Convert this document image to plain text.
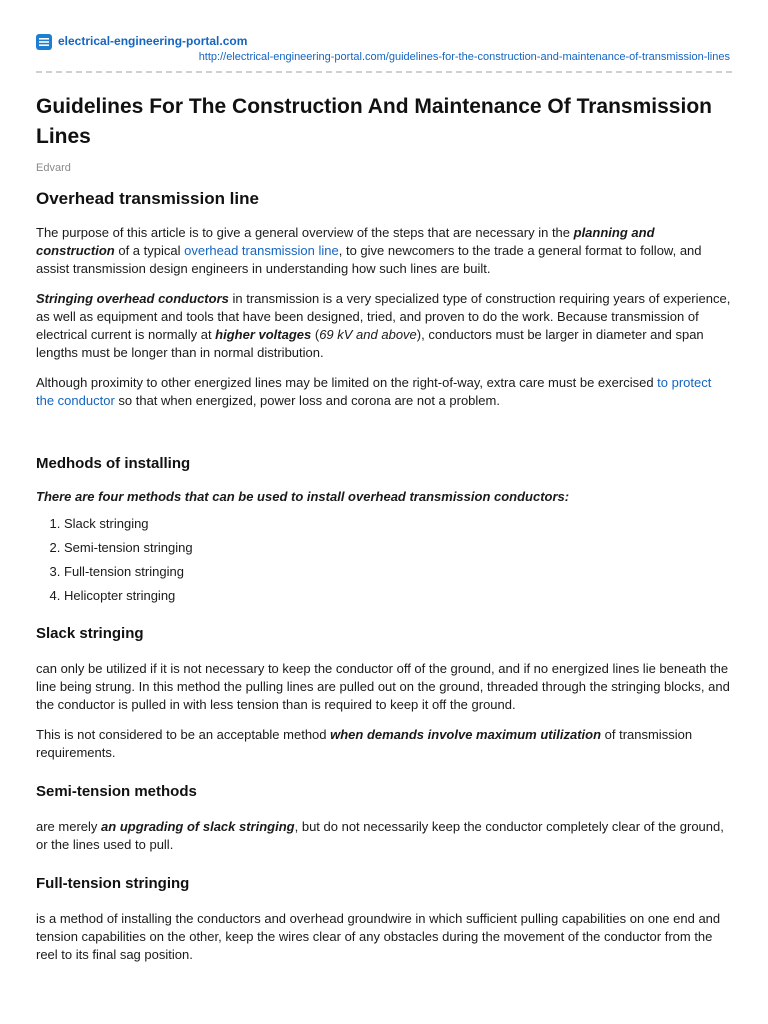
electrical-engineering-portal.com
http://electrical-engineering-portal.com/guidelines-for-the-construction-and-maintenance-of-transmission-lines
Guidelines For The Construction And Maintenance Of Transmission Lines
Edvard
Overhead transmission line

The purpose of this article is to give a general overview of the steps that are necessary in the planning and construction of a typical overhead transmission line, to give newcomers to the trade a general format to follow, and assist transmission design engineers in understanding how such lines are built.

Stringing overhead conductors in transmission is a very specialized type of construction requiring years of experience, as well as equipment and tools that have been designed, tried, and proven to do the work. Because transmission of electrical current is normally at higher voltages (69 kV and above), conductors must be larger in diameter and span lengths must be longer than in normal distribution.

Although proximity to other energized lines may be limited on the right-of-way, extra care must be exercised to protect the conductor so that when energized, power loss and corona are not a problem.

Medhods of installing

There are four methods that can be used to install overhead transmission conductors:

1. Slack stringing
2. Semi-tension stringing
3. Full-tension stringing
4. Helicopter stringing
Slack stringing

can only be utilized if it is not necessary to keep the conductor off of the ground, and if no energized lines lie beneath the line being strung. In this method the pulling lines are pulled out on the ground, threaded through the stringing blocks, and the conductor is pulled in with less tension than is required to keep it off the ground.

This is not considered to be an acceptable method when demands involve maximum utilization of transmission
requirements.

Semi-tension methods

are merely an upgrading of slack stringing, but do not necessarily keep the conductor completely clear of the ground, or the lines used to pull.

Full-tension stringing

is a method of installing the conductors and overhead groundwire in which sufficient pulling capabilities on one end and tension capabilities on the other, keep the wires clear of any obstacles during the movement of the conductor from the reel to its final sag position.
